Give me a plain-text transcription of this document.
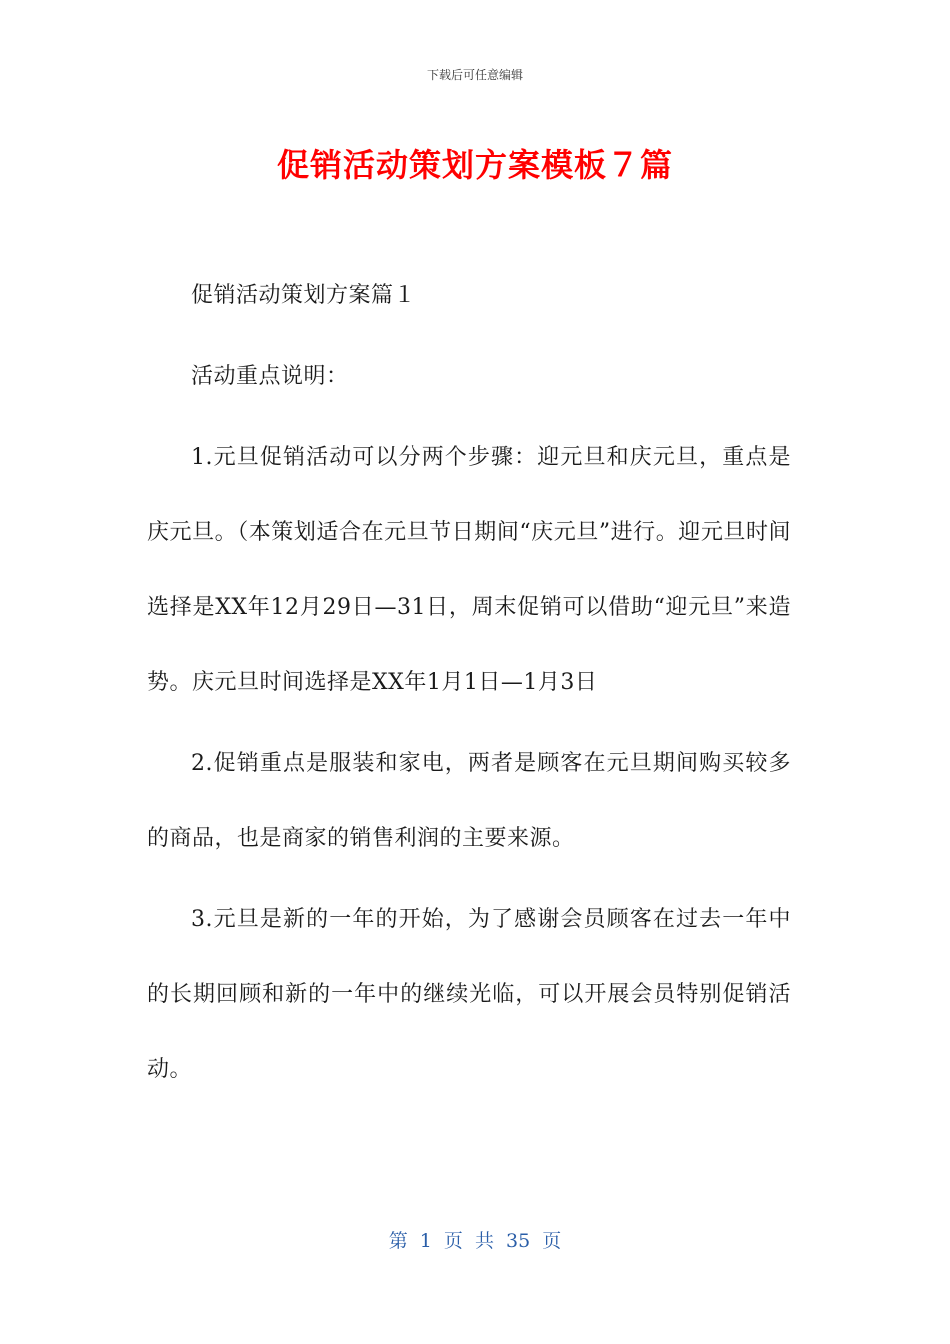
下载后可任意编辑
促销活动策划方案模板７篇

促销活动策划方案篇１

活动重点说明：

1.元旦促销活动可以分两个步骤：迎元旦和庆元旦，重点是庆元旦。（本策划适合在元旦节日期间“庆元旦”进行。迎元旦时间选择是XX年12月29日—31日，周末促销可以借助“迎元旦”来造势。庆元旦时间选择是XX年1月1日—1月3日

2.促销重点是服装和家电，两者是顾客在元旦期间购买较多的商品，也是商家的销售利润的主要来源。

3.元旦是新的一年的开始，为了感谢会员顾客在过去一年中的长期回顾和新的一年中的继续光临，可以开展会员特别促销活动。

第 1 页 共 35 页
